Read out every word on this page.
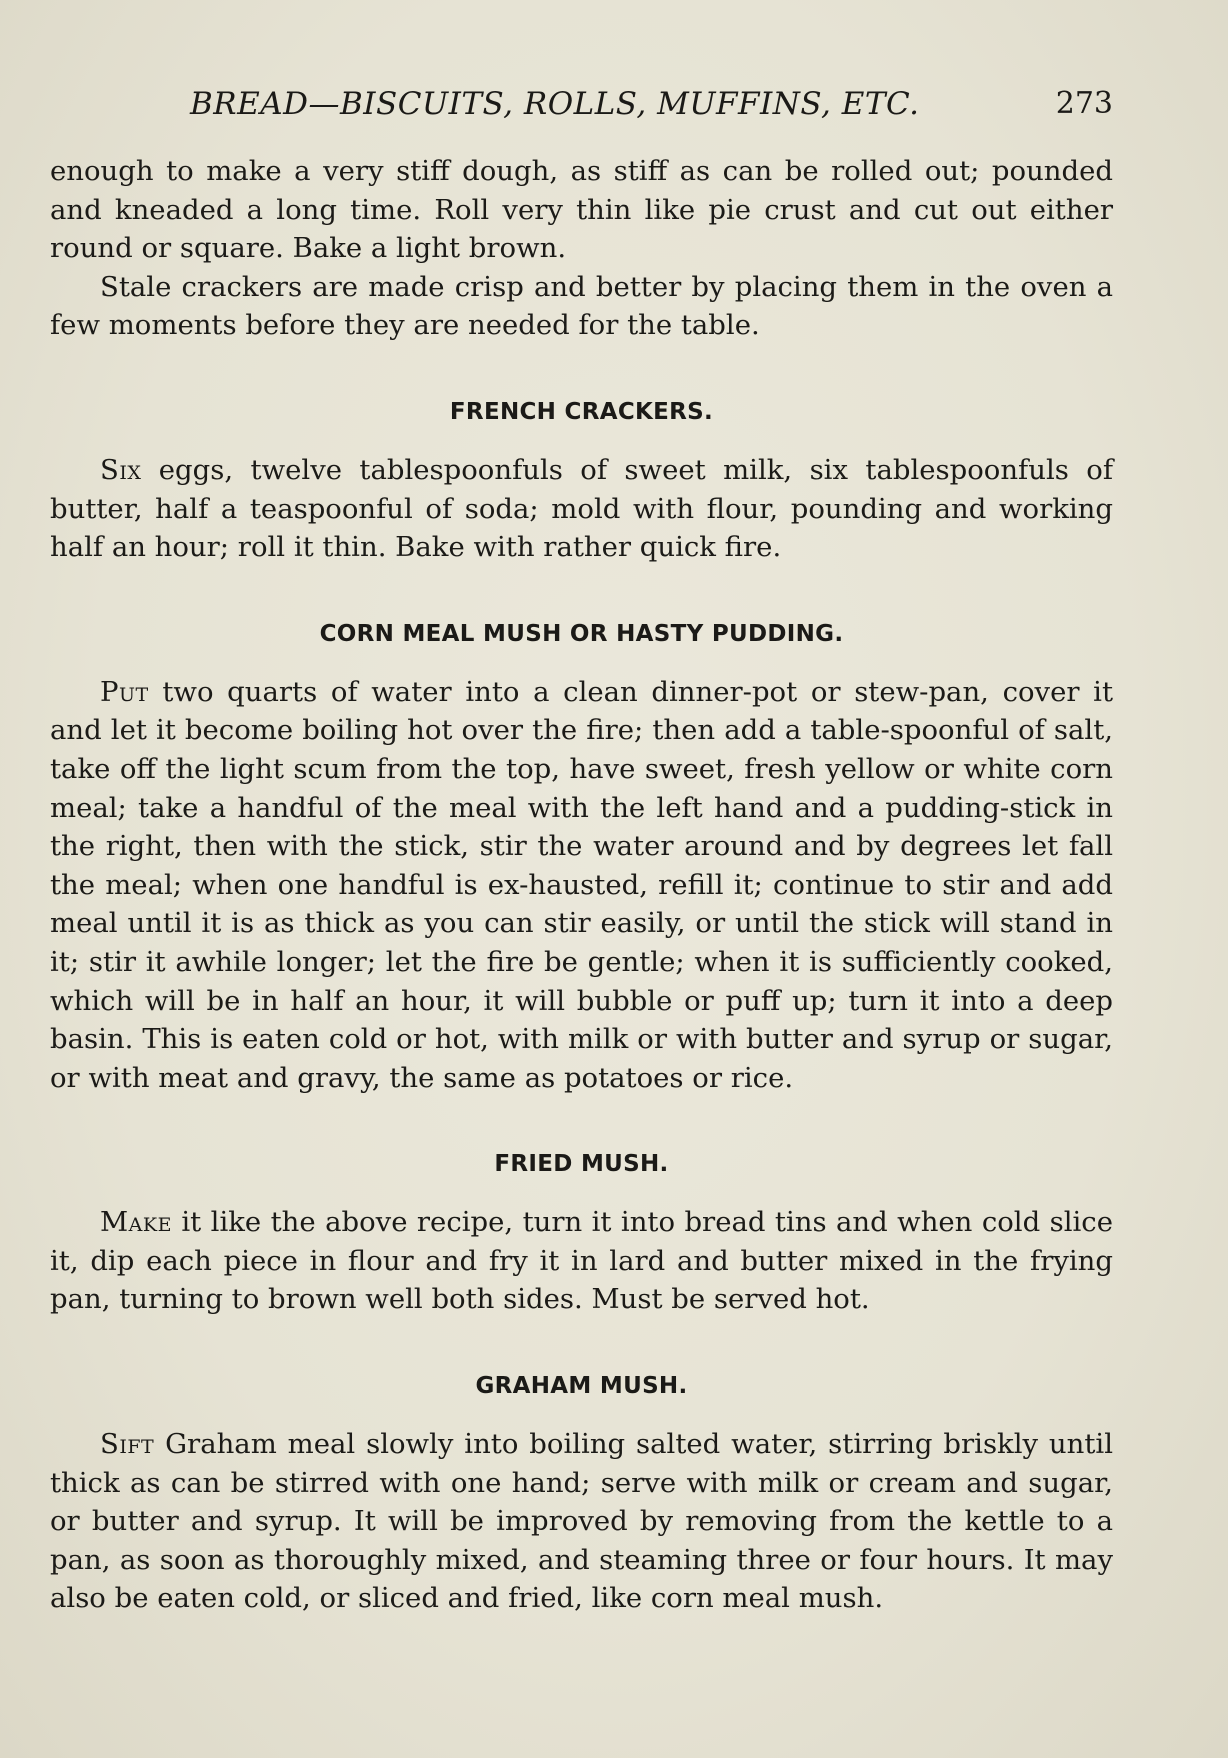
BREAD—BISCUITS, ROLLS, MUFFINS, ETC.	273

enough to make a very stiff dough, as stiff as can be rolled out; pounded and kneaded a long time. Roll very thin like pie crust and cut out either round or square. Bake a light brown.

Stale crackers are made crisp and better by placing them in the oven a few moments before they are needed for the table.

FRENCH CRACKERS.

Six eggs, twelve tablespoonfuls of sweet milk, six tablespoonfuls of butter, half a teaspoonful of soda; mold with flour, pounding and working half an hour; roll it thin. Bake with rather quick fire.

CORN MEAL MUSH OR HASTY PUDDING.

Put two quarts of water into a clean dinner-pot or stew-pan, cover it and let it become boiling hot over the fire; then add a table-spoonful of salt, take off the light scum from the top, have sweet, fresh yellow or white corn meal; take a handful of the meal with the left hand and a pudding-stick in the right, then with the stick, stir the water around and by degrees let fall the meal; when one handful is ex-hausted, refill it; continue to stir and add meal until it is as thick as you can stir easily, or until the stick will stand in it; stir it awhile longer; let the fire be gentle; when it is sufficiently cooked, which will be in half an hour, it will bubble or puff up; turn it into a deep basin. This is eaten cold or hot, with milk or with butter and syrup or sugar, or with meat and gravy, the same as potatoes or rice.

FRIED MUSH.

Make it like the above recipe, turn it into bread tins and when cold slice it, dip each piece in flour and fry it in lard and butter mixed in the frying pan, turning to brown well both sides. Must be served hot.

GRAHAM MUSH.

Sift Graham meal slowly into boiling salted water, stirring briskly until thick as can be stirred with one hand; serve with milk or cream and sugar, or butter and syrup. It will be improved by removing from the kettle to a pan, as soon as thoroughly mixed, and steaming three or four hours. It may also be eaten cold, or sliced and fried, like corn meal mush.
